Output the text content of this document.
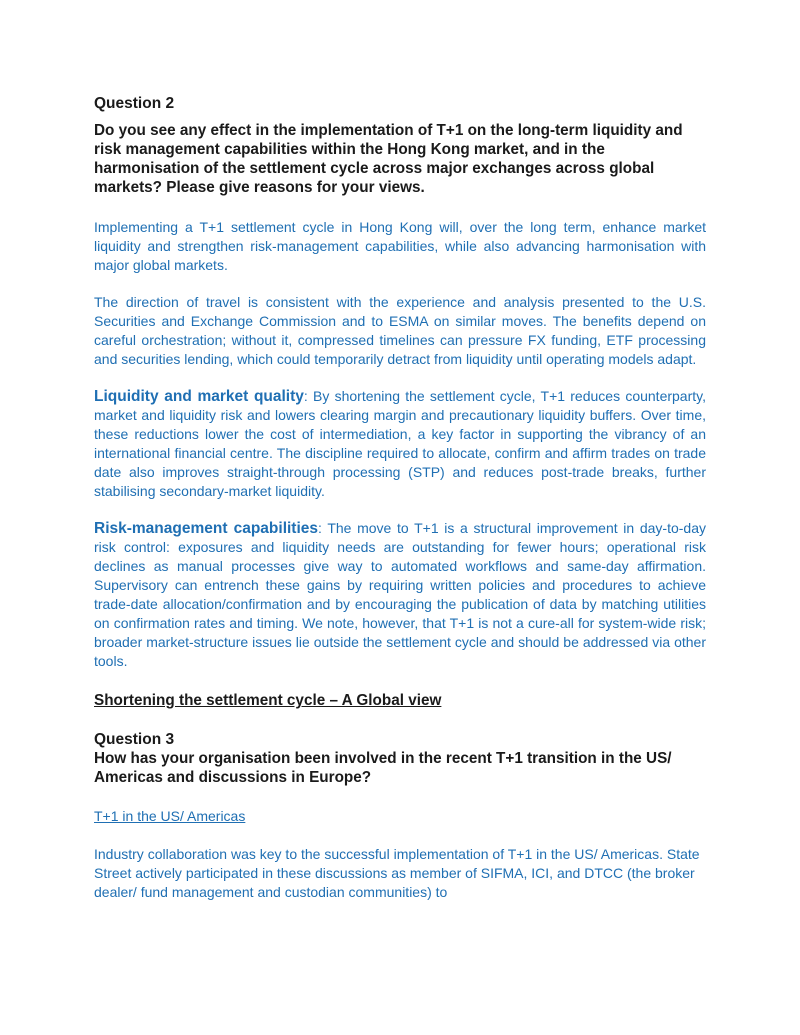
Question 2

Do you see any effect in the implementation of T+1 on the long-term liquidity and risk management capabilities within the Hong Kong market, and in the harmonisation of the settlement cycle across major exchanges across global markets? Please give reasons for your views.

Implementing a T+1 settlement cycle in Hong Kong will, over the long term, enhance market liquidity and strengthen risk-management capabilities, while also advancing harmonisation with major global markets.

The direction of travel is consistent with the experience and analysis presented to the U.S. Securities and Exchange Commission and to ESMA on similar moves. The benefits depend on careful orchestration; without it, compressed timelines can pressure FX funding, ETF processing and securities lending, which could temporarily detract from liquidity until operating models adapt.

Liquidity and market quality: By shortening the settlement cycle, T+1 reduces counterparty, market and liquidity risk and lowers clearing margin and precautionary liquidity buffers. Over time, these reductions lower the cost of intermediation, a key factor in supporting the vibrancy of an international financial centre. The discipline required to allocate, confirm and affirm trades on trade date also improves straight-through processing (STP) and reduces post-trade breaks, further stabilising secondary-market liquidity.

Risk-management capabilities: The move to T+1 is a structural improvement in day-to-day risk control: exposures and liquidity needs are outstanding for fewer hours; operational risk declines as manual processes give way to automated workflows and same-day affirmation. Supervisory can entrench these gains by requiring written policies and procedures to achieve trade-date allocation/confirmation and by encouraging the publication of data by matching utilities on confirmation rates and timing. We note, however, that T+1 is not a cure-all for system-wide risk; broader market-structure issues lie outside the settlement cycle and should be addressed via other tools.

Shortening the settlement cycle – A Global view

Question 3

How has your organisation been involved in the recent T+1 transition in the US/ Americas and discussions in Europe?

T+1 in the US/ Americas

Industry collaboration was key to the successful implementation of T+1 in the US/ Americas. State Street actively participated in these discussions as member of SIFMA, ICI, and DTCC (the broker dealer/ fund management and custodian communities) to
